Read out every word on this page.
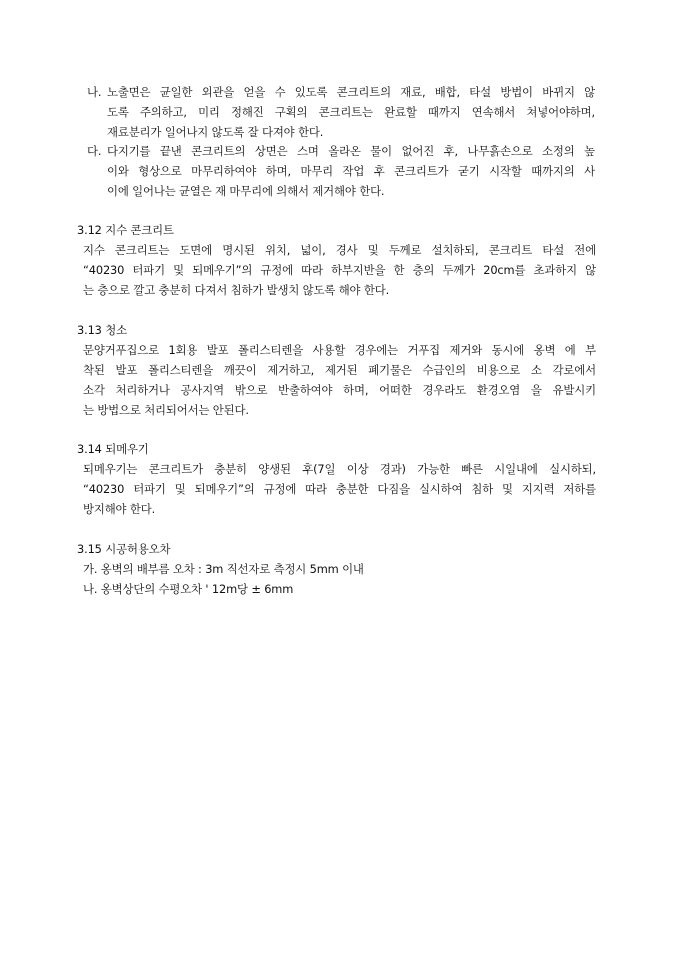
나. 노출면은 균일한 외관을 얻을 수 있도록 콘크리트의 재료, 배합, 타설 방법이 바뀌지 않
도록 주의하고, 미리 정해진 구획의 콘크리트는 완료할 때까지 연속해서 쳐넣어야하며,
재료분리가 일어나지 않도록 잘 다져야 한다.
다. 다지기를 끝낸 콘크리트의 상면은 스며 올라온 물이 없어진 후, 나무흙손으로 소정의 높
이와 형상으로 마무리하여야 하며, 마무리 작업 후 콘크리트가 굳기 시작할 때까지의 사
이에 일어나는 균열은 재 마무리에 의해서 제거해야 한다.
3.12 지수 콘크리트
지수 콘크리트는 도면에 명시된 위치, 넓이, 경사 및 두께로 설치하되, 콘크리트 타설 전에
“40230 터파기 및 되메우기”의 규정에 따라 하부지반을 한 층의 두께가 20cm를 초과하지 않
는 층으로 깔고 충분히 다져서 침하가 발생치 않도록 해야 한다.
3.13 청소
문양거푸집으로 1회용 발포 폴리스티렌을 사용할 경우에는 거푸집 제거와 동시에 옹벽 에 부
착된 발포 폴리스티렌을 깨끗이 제거하고, 제거된 폐기물은 수급인의 비용으로 소 각로에서
소각 처리하거나 공사지역 밖으로 반출하여야 하며, 어떠한 경우라도 환경오염 을 유발시키
는 방법으로 처리되어서는 안된다.
3.14 되메우기
되메우기는 콘크리트가 충분히 양생된 후(7일 이상 경과) 가능한 빠른 시일내에 실시하되,
“40230 터파기 및 되메우기”의 규정에 따라 충분한 다짐을 실시하여 침하 및 지지력 저하를
방지해야 한다.
3.15 시공허용오차
가. 옹벽의 배부름 오차 : 3m 직선자로 측정시 5mm 이내
나. 옹벽상단의 수평오차 ' 12m당 ± 6mm
